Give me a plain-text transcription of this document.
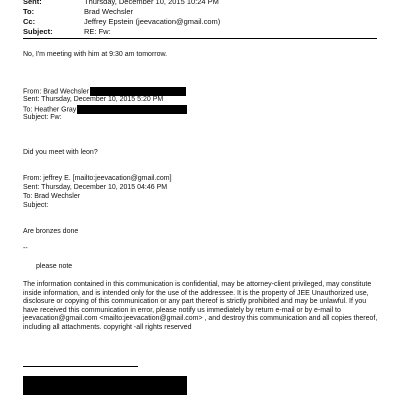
Sent:	Thursday, December 10, 2015 10:24 PM
To:	Brad Wechsler
Cc:	Jeffrey Epstein (jeevacation@gmail.com)
Subject:	RE: Fw:
No, I'm meeting with him at 9:30 am tomorrow.
From: Brad Wechsler
Sent: Thursday, December 10, 2015 5:20 PM
To: Heather Gray
Subject: Fw:
Did you meet with leon?
From: jeffrey E. [mailto:jeevacation@gmail.com]
Sent: Thursday, December 10, 2015 04:46 PM
To: Brad Wechsler
Subject:
Are bronzes done
--
please note
The information contained in this communication is confidential, may be attorney-client privileged, may constitute inside information, and is intended only for the use of the addressee. It is the property of JEE Unauthorized use, disclosure or copying of this communication or any part thereof is strictly prohibited and may be unlawful. If you have received this communication in error, please notify us immediately by return e-mail or by e-mail to jeevacation@gmail.com <mailto:jeevacation@gmail.com> , and destroy this communication and all copies thereof, including all attachments. copyright -all rights reserved
